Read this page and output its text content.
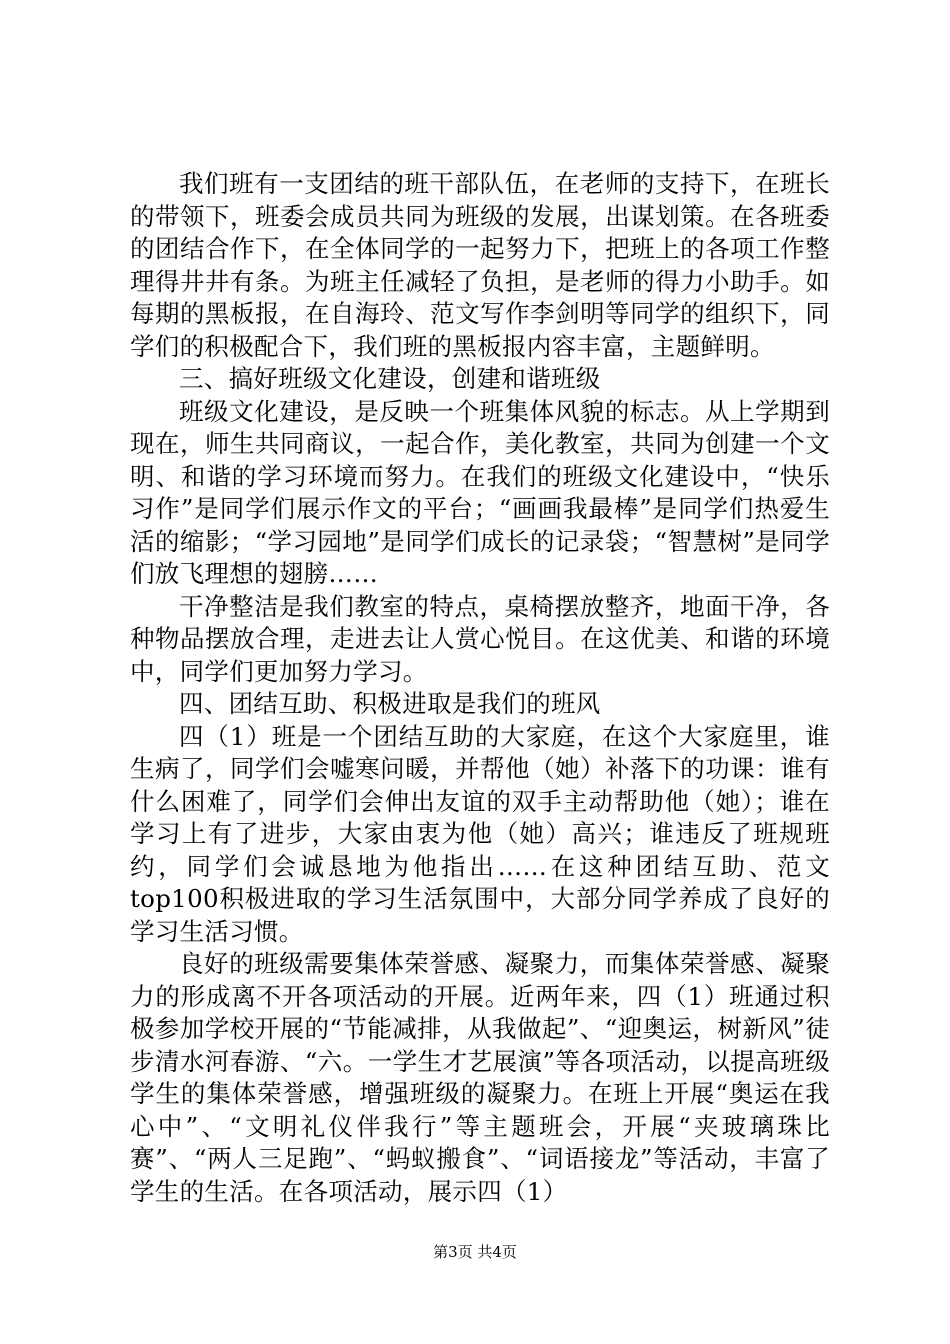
我们班有一支团结的班干部队伍，在老师的支持下，在班长的带领下，班委会成员共同为班级的发展，出谋划策。在各班委的团结合作下，在全体同学的一起努力下，把班上的各项工作整理得井井有条。为班主任减轻了负担，是老师的得力小助手。如每期的黑板报，在自海玲、范文写作李剑明等同学的组织下，同学们的积极配合下，我们班的黑板报内容丰富，主题鲜明。

三、搞好班级文化建设，创建和谐班级

班级文化建设，是反映一个班集体风貌的标志。从上学期到现在，师生共同商议，一起合作，美化教室，共同为创建一个文明、和谐的学习环境而努力。在我们的班级文化建设中，“快乐习作”是同学们展示作文的平台；“画画我最棒”是同学们热爱生活的缩影；“学习园地”是同学们成长的记录袋；“智慧树”是同学们放飞理想的翅膀……

干净整洁是我们教室的特点，桌椅摆放整齐，地面干净，各种物品摆放合理，走进去让人赏心悦目。在这优美、和谐的环境中，同学们更加努力学习。

四、团结互助、积极进取是我们的班风

四（1）班是一个团结互助的大家庭，在这个大家庭里，谁生病了，同学们会嘘寒问暖，并帮他（她）补落下的功课：谁有什么困难了，同学们会伸出友谊的双手主动帮助他（她）；谁在学习上有了进步，大家由衷为他（她）高兴；谁违反了班规班约，同学们会诚恳地为他指出……在这种团结互助、范文top100积极进取的学习生活氛围中，大部分同学养成了良好的学习生活习惯。

良好的班级需要集体荣誉感、凝聚力，而集体荣誉感、凝聚力的形成离不开各项活动的开展。近两年来，四（1）班通过积极参加学校开展的“节能减排，从我做起”、“迎奥运，树新风”徒步清水河春游、“六。一学生才艺展演”等各项活动，以提高班级学生的集体荣誉感，增强班级的凝聚力。在班上开展“奥运在我心中”、“文明礼仪伴我行”等主题班会，开展“夹玻璃珠比赛”、“两人三足跑”、“蚂蚁搬食”、“词语接龙”等活动，丰富了学生的生活。在各项活动，展示四（1）

第3页 共4页
